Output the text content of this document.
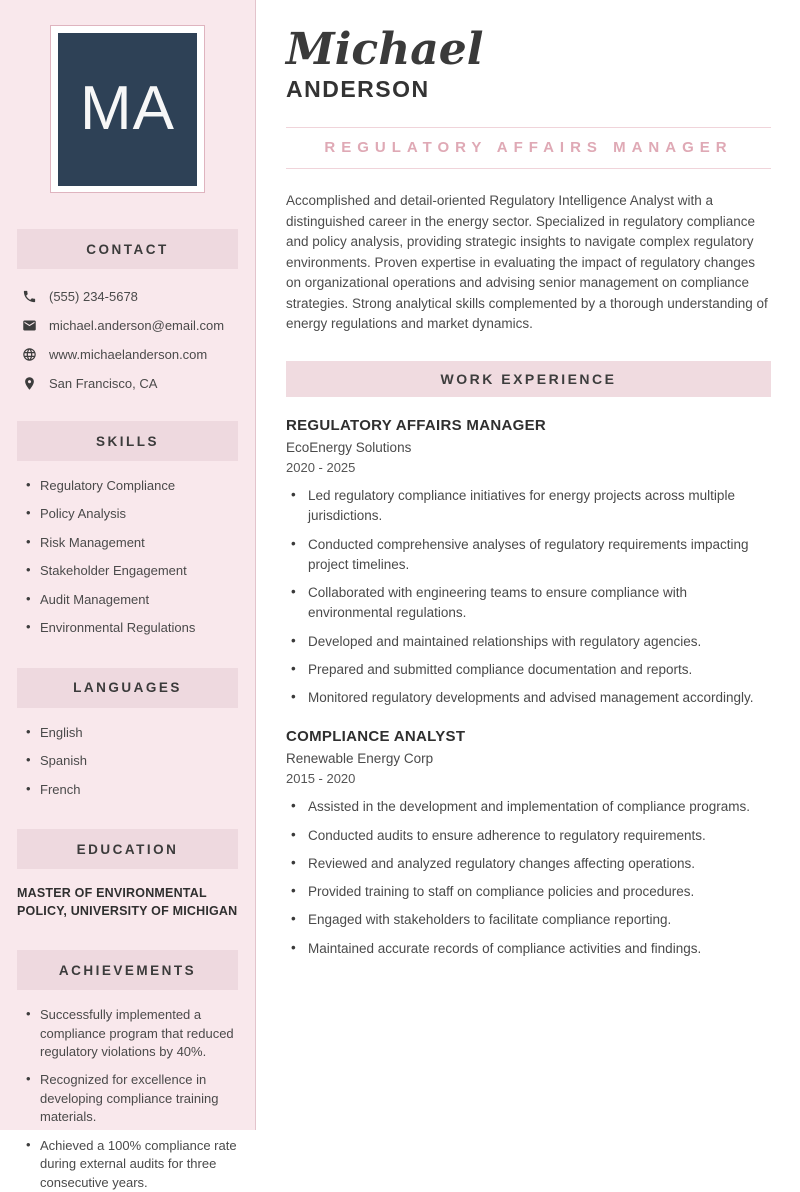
MA
CONTACT
(555) 234-5678
michael.anderson@email.com
www.michaelanderson.com
San Francisco, CA
SKILLS
• Regulatory Compliance
• Policy Analysis
• Risk Management
• Stakeholder Engagement
• Audit Management
• Environmental Regulations
LANGUAGES
• English
• Spanish
• French
EDUCATION

MASTER OF ENVIRONMENTAL POLICY, UNIVERSITY OF MICHIGAN

ACHIEVEMENTS
• Successfully implemented a compliance program that reduced regulatory violations by 40%.
• Recognized for excellence in developing compliance training materials.
• Achieved a 100% compliance rate during external audits for three consecutive years.
Michael
ANDERSON
REGULATORY AFFAIRS MANAGER

Accomplished and detail-oriented Regulatory Intelligence Analyst with a distinguished career in the energy sector. Specialized in regulatory compliance and policy analysis, providing strategic insights to navigate complex regulatory environments. Proven expertise in evaluating the impact of regulatory changes on organizational operations and advising senior management on compliance strategies. Strong analytical skills complemented by a thorough understanding of energy regulations and market dynamics.

WORK EXPERIENCE
REGULATORY AFFAIRS MANAGER
EcoEnergy Solutions
2020 - 2025
• Led regulatory compliance initiatives for energy projects across multiple jurisdictions.
• Conducted comprehensive analyses of regulatory requirements impacting project timelines.
• Collaborated with engineering teams to ensure compliance with environmental regulations.
• Developed and maintained relationships with regulatory agencies.
• Prepared and submitted compliance documentation and reports.
• Monitored regulatory developments and advised management accordingly.
COMPLIANCE ANALYST
Renewable Energy Corp
2015 - 2020
• Assisted in the development and implementation of compliance programs.
• Conducted audits to ensure adherence to regulatory requirements.
• Reviewed and analyzed regulatory changes affecting operations.
• Provided training to staff on compliance policies and procedures.
• Engaged with stakeholders to facilitate compliance reporting.
• Maintained accurate records of compliance activities and findings.
